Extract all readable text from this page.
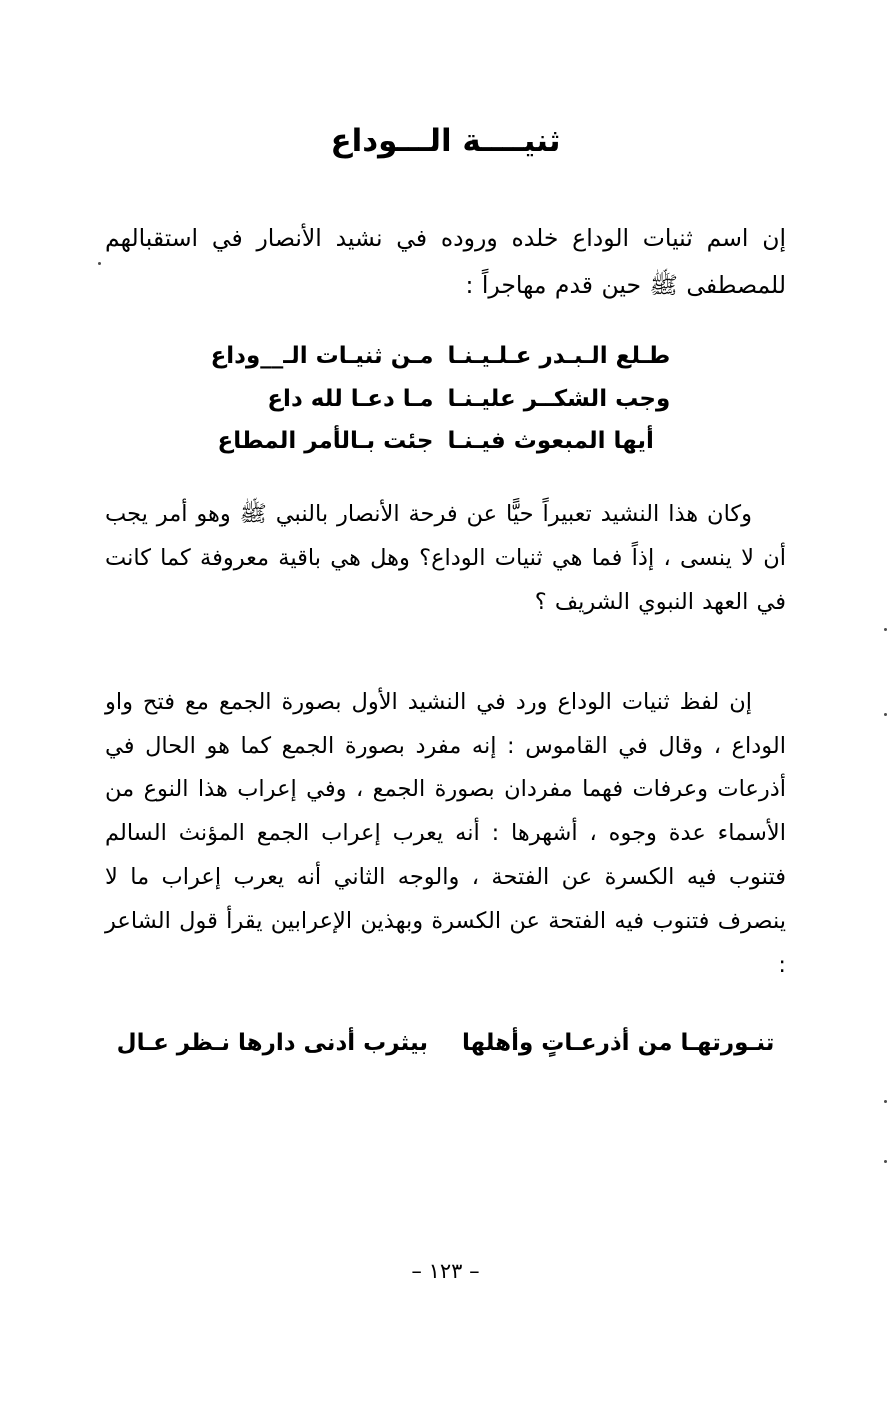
ثنيــــة الـــوداع

إن اسم ثنيات الوداع خلده وروده في نشيد الأنصار في استقبالهم للمصطفى ﷺ حين قدم مهاجراً :

طـلع الـبـدر عـلـيـنـا
مـن ثنيـات الـ__وداع
وجب الشكــر عليـنـا
مـا دعـا لله داع
أيها المبعوث فيـنـا
جئت بـالأمر المطاع

وكان هذا النشيد تعبيراً حيًّا عن فرحة الأنصار بالنبي ﷺ وهو أمر يجب أن لا ينسى ، إذاً فما هي ثنيات الوداع؟ وهل هي باقية معروفة كما كانت في العهد النبوي الشريف ؟

إن لفظ ثنيات الوداع ورد في النشيد الأول بصورة الجمع مع فتح واو الوداع ، وقال في القاموس : إنه مفرد بصورة الجمع كما هو الحال في أذرعات وعرفات فهما مفردان بصورة الجمع ، وفي إعراب هذا النوع من الأسماء عدة وجوه ، أشهرها : أنه يعرب إعراب الجمع المؤنث السالم فتنوب فيه الكسرة عن الفتحة ، والوجه الثاني أنه يعرب إعراب ما لا ينصرف فتنوب فيه الفتحة عن الكسرة وبهذين الإعرابين يقرأ قول الشاعر :

تنـورتهـا من أذرعـاتٍ وأهلها
بيثرب أدنى دارها نـظر عـال
– ١٢٣ –
